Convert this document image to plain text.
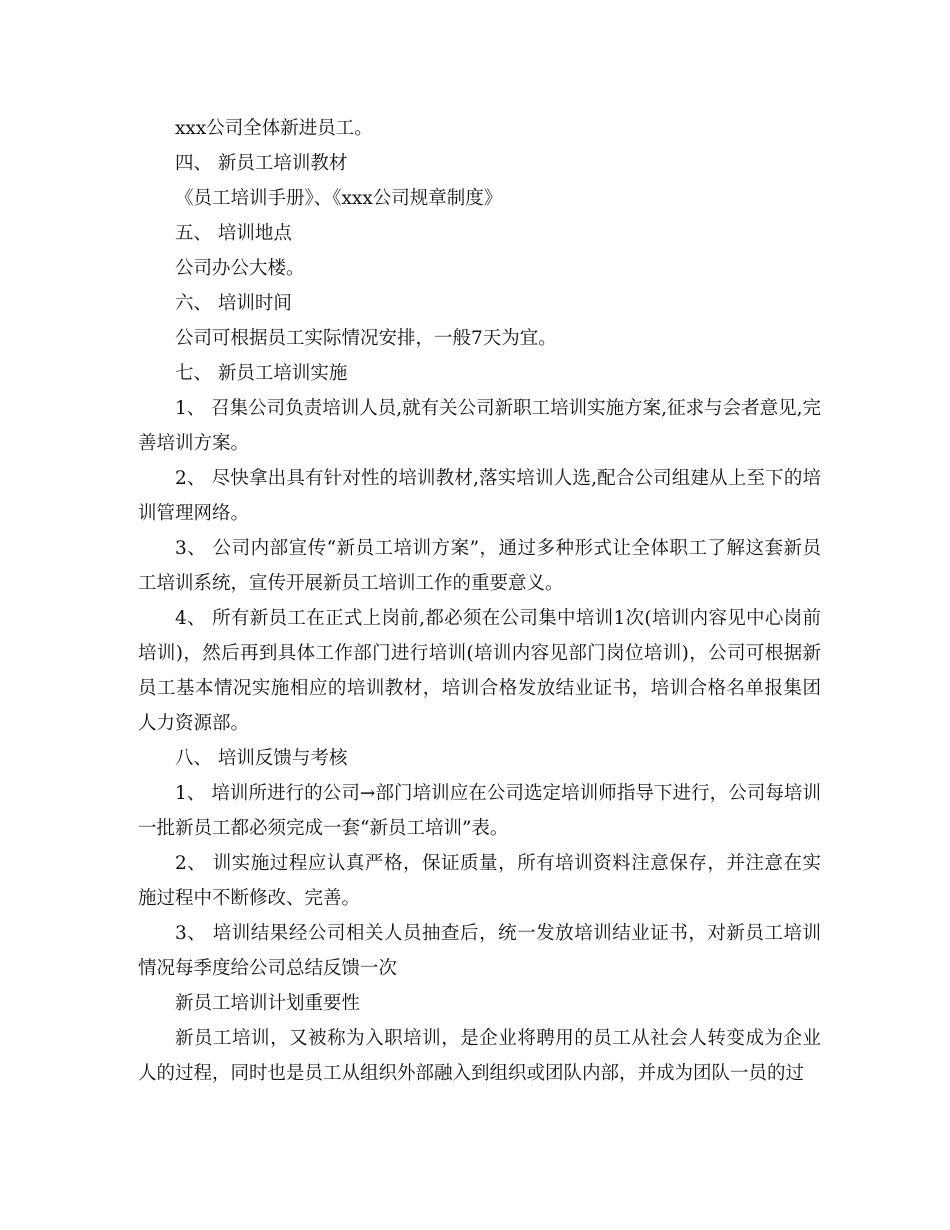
xxx公司全体新进员工。

四、 新员工培训教材

《员工培训手册》、《xxx公司规章制度》

五、 培训地点

公司办公大楼。

六、 培训时间

公司可根据员工实际情况安排，一般7天为宜。

七、 新员工培训实施

1、 召集公司负责培训人员,就有关公司新职工培训实施方案,征求与会者意见,完善培训方案。

2、 尽快拿出具有针对性的培训教材,落实培训人选,配合公司组建从上至下的培训管理网络。

3、 公司内部宣传“新员工培训方案”，通过多种形式让全体职工了解这套新员工培训系统，宣传开展新员工培训工作的重要意义。

4、 所有新员工在正式上岗前,都必须在公司集中培训1次(培训内容见中心岗前培训)，然后再到具体工作部门进行培训(培训内容见部门岗位培训)，公司可根据新员工基本情况实施相应的培训教材，培训合格发放结业证书，培训合格名单报集团人力资源部。

八、 培训反馈与考核

1、 培训所进行的公司→部门培训应在公司选定培训师指导下进行，公司每培训一批新员工都必须完成一套“新员工培训”表。

2、 训实施过程应认真严格，保证质量，所有培训资料注意保存，并注意在实施过程中不断修改、完善。

3、 培训结果经公司相关人员抽查后，统一发放培训结业证书，对新员工培训情况每季度给公司总结反馈一次

新员工培训计划重要性

新员工培训，又被称为入职培训，是企业将聘用的员工从社会人转变成为企业人的过程，同时也是员工从组织外部融入到组织或团队内部，并成为团队一员的过
